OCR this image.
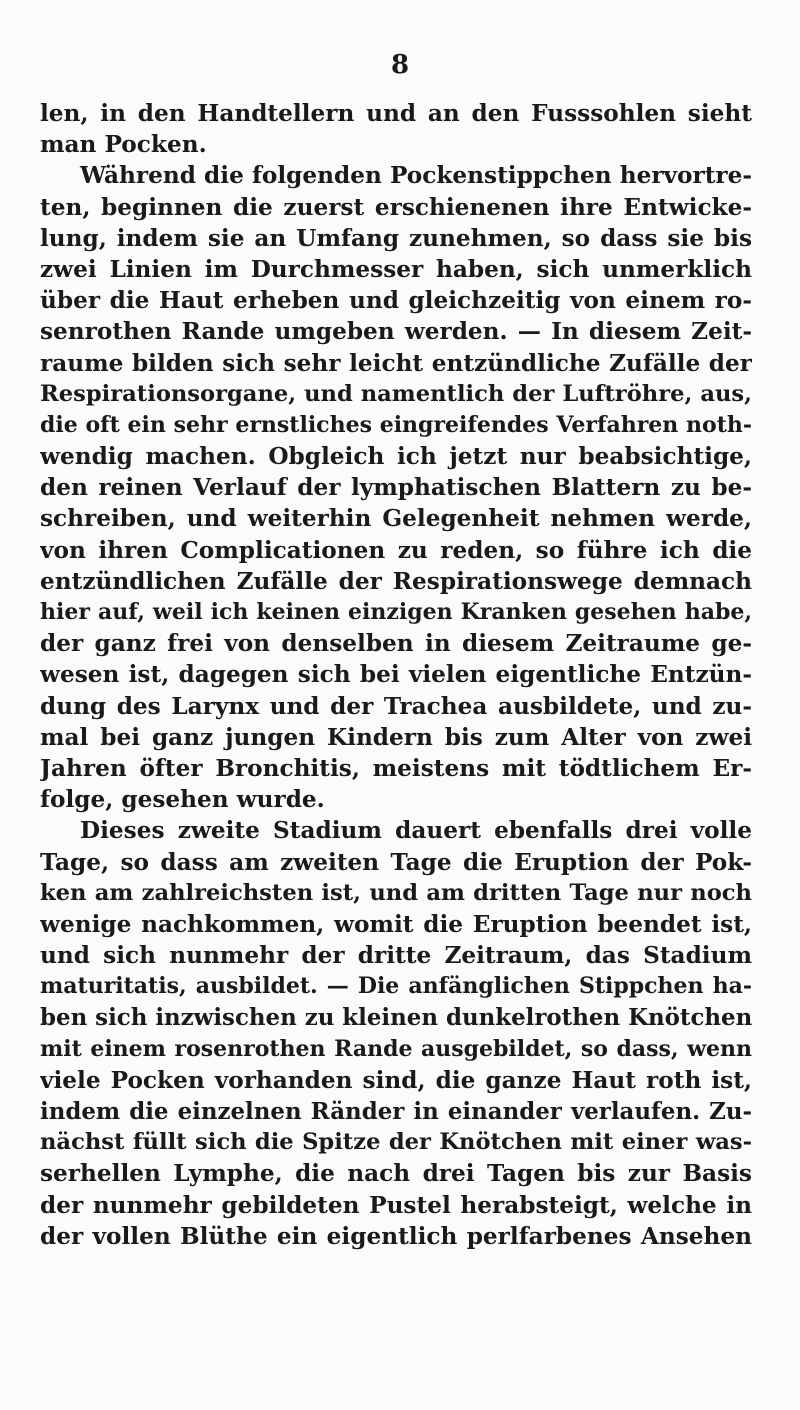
8
len, in den Handtellern und an den Fusssohlen sieht
man Pocken.
Während die folgenden Pockenstippchen hervortre-
ten, beginnen die zuerst erschienenen ihre Entwicke-
lung, indem sie an Umfang zunehmen, so dass sie bis
zwei Linien im Durchmesser haben, sich unmerklich
über die Haut erheben und gleichzeitig von einem ro-
senrothen Rande umgeben werden. — In diesem Zeit-
raume bilden sich sehr leicht entzündliche Zufälle der
Respirationsorgane, und namentlich der Luftröhre, aus,
die oft ein sehr ernstliches eingreifendes Verfahren noth-
wendig machen. Obgleich ich jetzt nur beabsichtige,
den reinen Verlauf der lymphatischen Blattern zu be-
schreiben, und weiterhin Gelegenheit nehmen werde,
von ihren Complicationen zu reden, so führe ich die
entzündlichen Zufälle der Respirationswege demnach
hier auf, weil ich keinen einzigen Kranken gesehen habe,
der ganz frei von denselben in diesem Zeitraume ge-
wesen ist, dagegen sich bei vielen eigentliche Entzün-
dung des Larynx und der Trachea ausbildete, und zu-
mal bei ganz jungen Kindern bis zum Alter von zwei
Jahren öfter Bronchitis, meistens mit tödtlichem Er-
folge, gesehen wurde.
Dieses zweite Stadium dauert ebenfalls drei volle
Tage, so dass am zweiten Tage die Eruption der Pok-
ken am zahlreichsten ist, und am dritten Tage nur noch
wenige nachkommen, womit die Eruption beendet ist,
und sich nunmehr der dritte Zeitraum, das Stadium
maturitatis, ausbildet. — Die anfänglichen Stippchen ha-
ben sich inzwischen zu kleinen dunkelrothen Knötchen
mit einem rosenrothen Rande ausgebildet, so dass, wenn
viele Pocken vorhanden sind, die ganze Haut roth ist,
indem die einzelnen Ränder in einander verlaufen. Zu-
nächst füllt sich die Spitze der Knötchen mit einer was-
serhellen Lymphe, die nach drei Tagen bis zur Basis
der nunmehr gebildeten Pustel herabsteigt, welche in
der vollen Blüthe ein eigentlich perlfarbenes Ansehen
